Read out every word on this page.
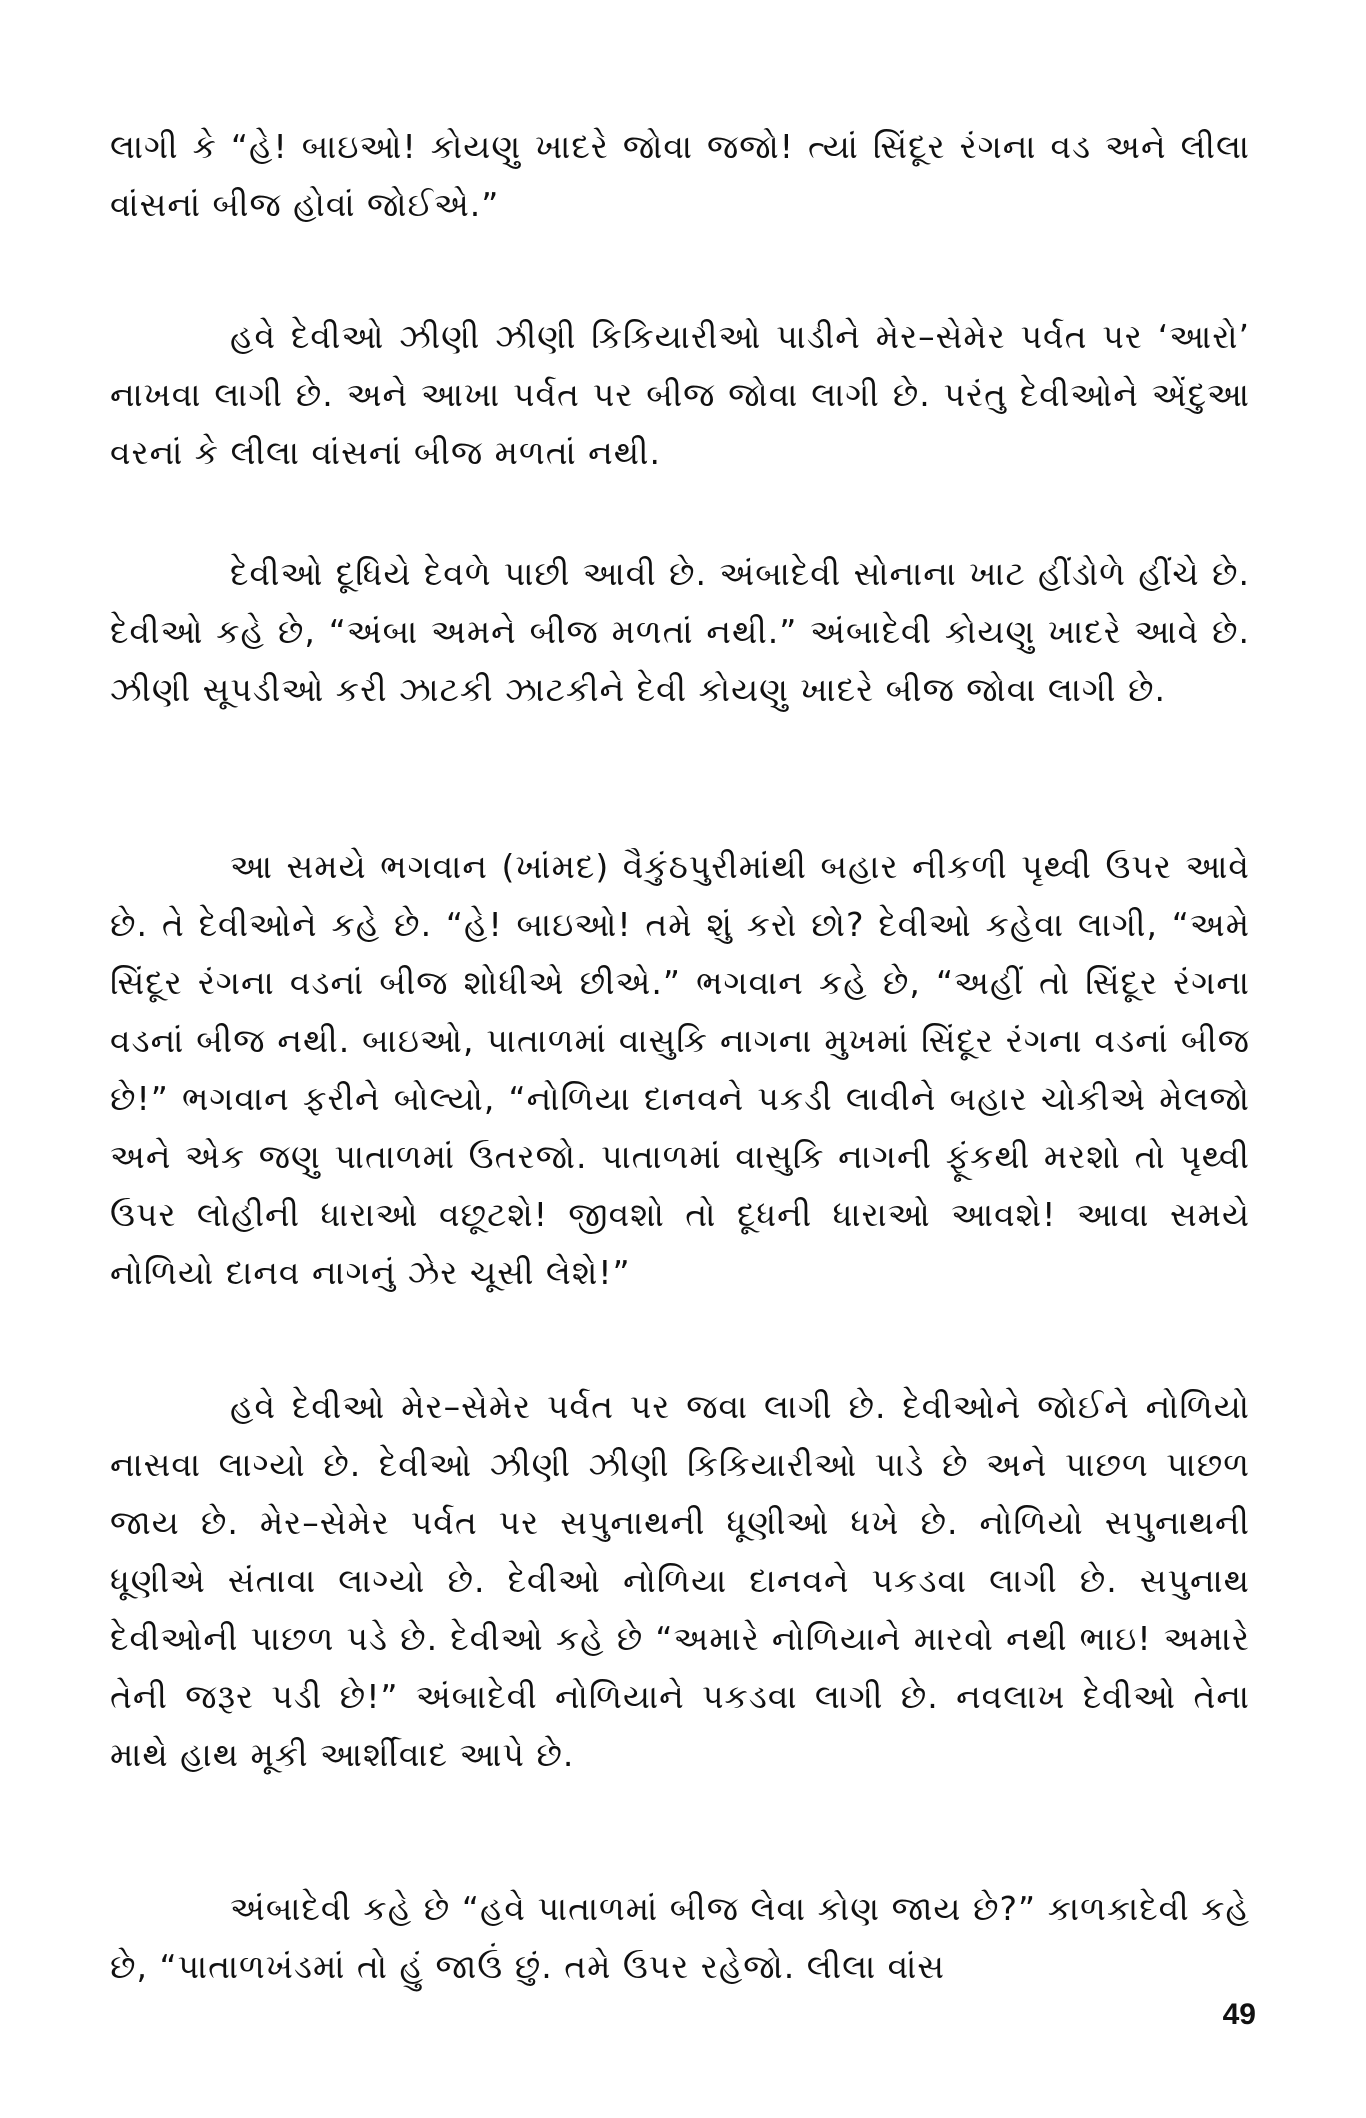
લાગી કે “હે! બાઇઓ! કોયણુ ખાદરે જોવા જજો! ત્યાં સિંદૂર રંગના વડ અને લીલા વાંસનાં બીજ હોવાં જોઈએ.”

હવે દેવીઓ ઝીણી ઝીણી કિકિયારીઓ પાડીને મેર–સેમેર પર્વત પર ‘આરો’ નાખવા લાગી છે. અને આખા પર્વત પર બીજ જોવા લાગી છે. પરંતુ દેવીઓને એંદુઆ વરનાં કે લીલા વાંસનાં બીજ મળતાં નથી.

દેવીઓ દૂધિયે દેવળે પાછી આવી છે. અંબાદેવી સોનાના ખાટ હીંડોળે હીંચે છે. દેવીઓ કહે છે, “અંબા અમને બીજ મળતાં નથી.” અંબાદેવી કોયણુ ખાદરે આવે છે. ઝીણી સૂપડીઓ કરી ઝાટકી ઝાટકીને દેવી કોયણુ ખાદરે બીજ જોવા લાગી છે.

આ સમયે ભગવાન (ખાંમદ) વૈકુંઠપુરીમાંથી બહાર નીકળી પૃથ્વી ઉપર આવે છે. તે દેવીઓને કહે છે. “હે! બાઇઓ! તમે શું કરો છો? દેવીઓ કહેવા લાગી, “અમે સિંદૂર રંગના વડનાં બીજ શોધીએ છીએ.” ભગવાન કહે છે, “અહીં તો સિંદૂર રંગના વડનાં બીજ નથી. બાઇઓ, પાતાળમાં વાસુકિ નાગના મુખમાં સિંદૂર રંગના વડનાં બીજ છે!” ભગવાન ફરીને બોલ્યો, “નોળિયા દાનવને પકડી લાવીને બહાર ચોકીએ મેલજો અને એક જણુ પાતાળમાં ઉતરજો. પાતાળમાં વાસુકિ નાગની ફૂંકથી મરશો તો પૃથ્વી ઉપર લોહીની ધારાઓ વછૂટશે! જીવશો તો દૂધની ધારાઓ આવશે! આવા સમયે નોળિયો દાનવ નાગનું ઝેર ચૂસી લેશે!”

હવે દેવીઓ મેર–સેમેર પર્વત પર જવા લાગી છે. દેવીઓને જોઈને નોળિયો નાસવા લાગ્યો છે. દેવીઓ ઝીણી ઝીણી કિકિયારીઓ પાડે છે અને પાછળ પાછળ જાય છે. મેર–સેમેર પર્વત પર સપુનાથની ધૂણીઓ ધખે છે. નોળિયો સપુનાથની ધૂણીએ સંતાવા લાગ્યો છે. દેવીઓ નોળિયા દાનવને પકડવા લાગી છે. સપુનાથ દેવીઓની પાછળ પડે છે. દેવીઓ કહે છે “અમારે નોળિયાને મારવો નથી ભાઇ! અમારે તેની જરૂર પડી છે!” અંબાદેવી નોળિયાને પકડવા લાગી છે. નવલાખ દેવીઓ તેના માથે હાથ મૂકી આર્શીવાદ આપે છે.

અંબાદેવી કહે છે “હવે પાતાળમાં બીજ લેવા કોણ જાય છે?” કાળકાદેવી કહે છે, “પાતાળખંડમાં તો હું જાઉં છું. તમે ઉપર રહેજો. લીલા વાંસ

49
